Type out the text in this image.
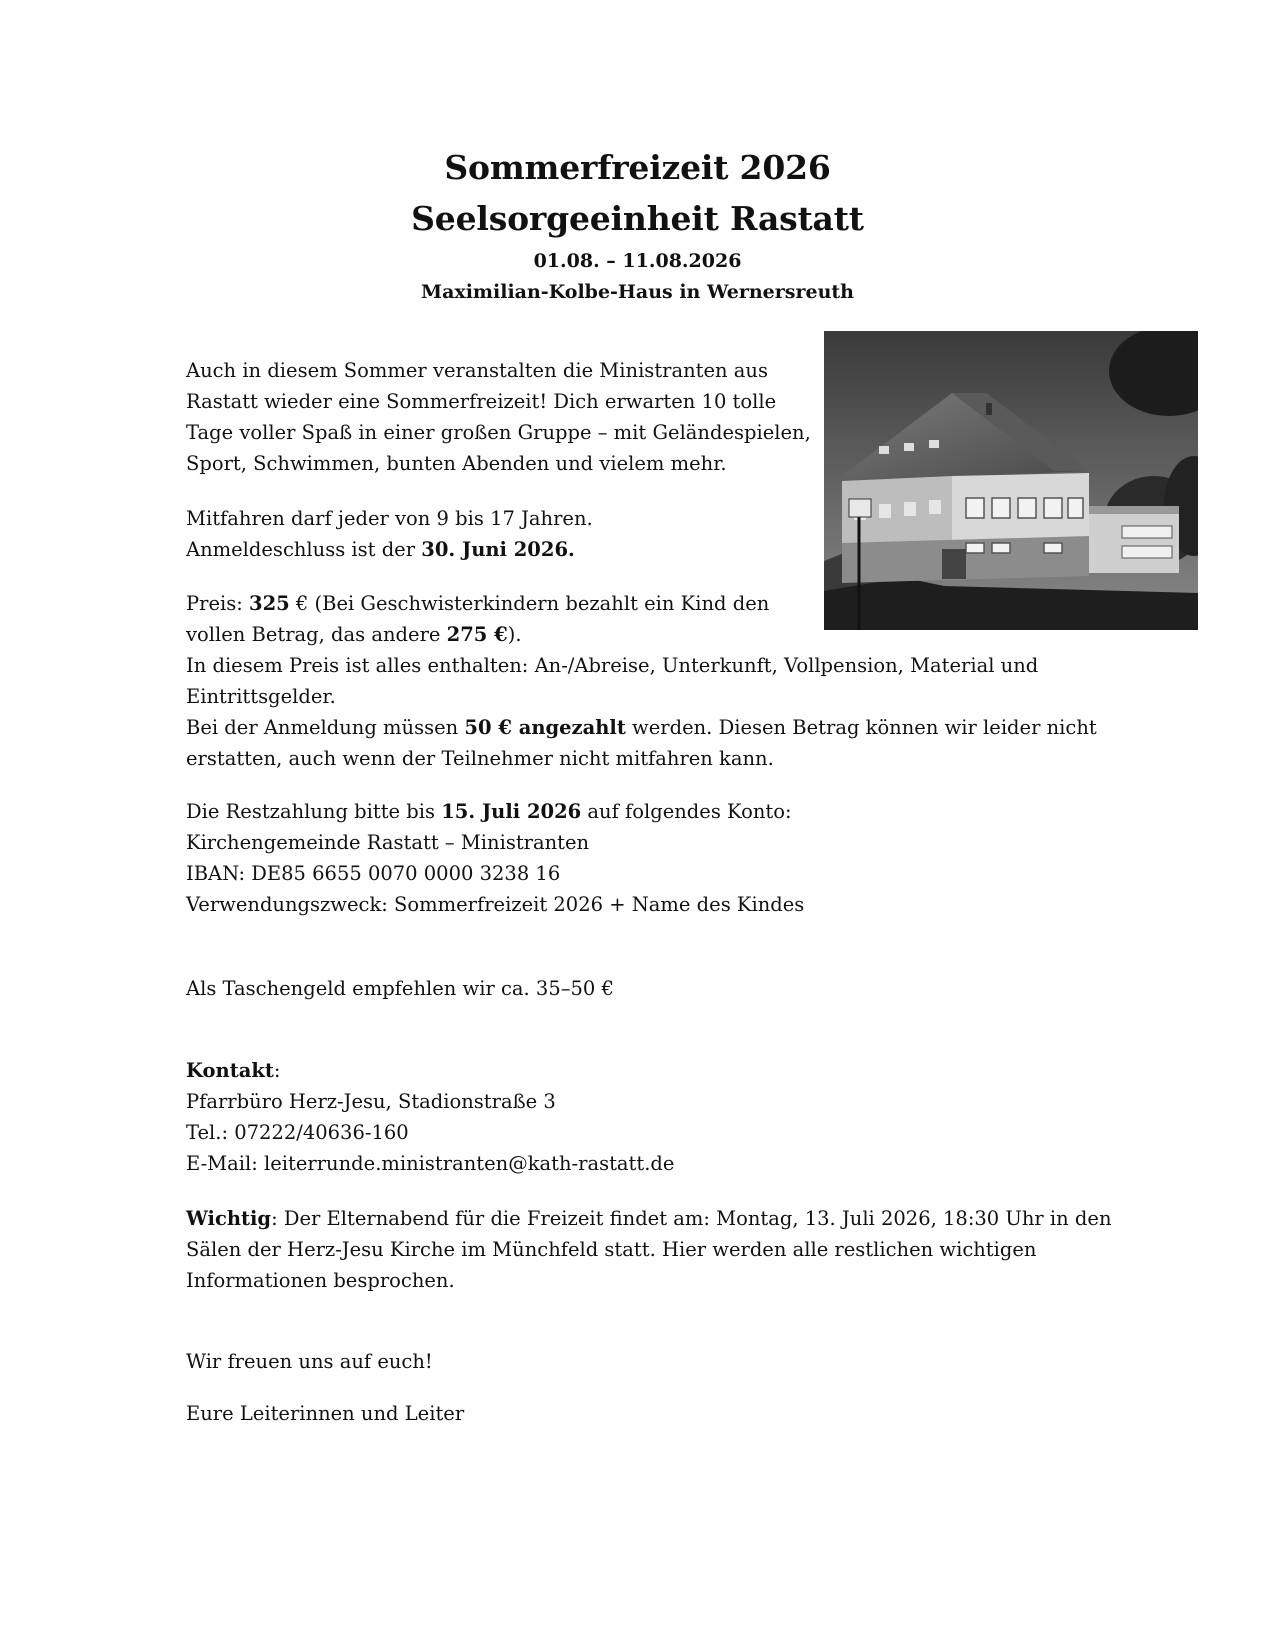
Sommerfreizeit 2026
Seelsorgeeinheit Rastatt
01.08. – 11.08.2026
Maximilian-Kolbe-Haus in Wernersreuth
Auch in diesem Sommer veranstalten die Ministranten aus
Rastatt wieder eine Sommerfreizeit! Dich erwarten 10 tolle
Tage voller Spaß in einer großen Gruppe – mit Geländespielen,
Sport, Schwimmen, bunten Abenden und vielem mehr.
Mitfahren darf jeder von 9 bis 17 Jahren.
Anmeldeschluss ist der 30. Juni 2026.
Preis: 325 € (Bei Geschwisterkindern bezahlt ein Kind den
vollen Betrag, das andere 275 €).
In diesem Preis ist alles enthalten: An-/Abreise, Unterkunft, Vollpension, Material und
Eintrittsgelder.
Bei der Anmeldung müssen 50 € angezahlt werden. Diesen Betrag können wir leider nicht
erstatten, auch wenn der Teilnehmer nicht mitfahren kann.
Die Restzahlung bitte bis 15. Juli 2026 auf folgendes Konto:
Kirchengemeinde Rastatt – Ministranten
IBAN: DE85 6655 0070 0000 3238 16
Verwendungszweck: Sommerfreizeit 2026 + Name des Kindes
Als Taschengeld empfehlen wir ca. 35–50 €
Kontakt:
Pfarrbüro Herz-Jesu, Stadionstraße 3
Tel.: 07222/40636-160
E-Mail: leiterrunde.ministranten@kath-rastatt.de
Wichtig: Der Elternabend für die Freizeit findet am: Montag, 13. Juli 2026, 18:30 Uhr in den
Sälen der Herz-Jesu Kirche im Münchfeld statt. Hier werden alle restlichen wichtigen
Informationen besprochen.
Wir freuen uns auf euch!
Eure Leiterinnen und Leiter
